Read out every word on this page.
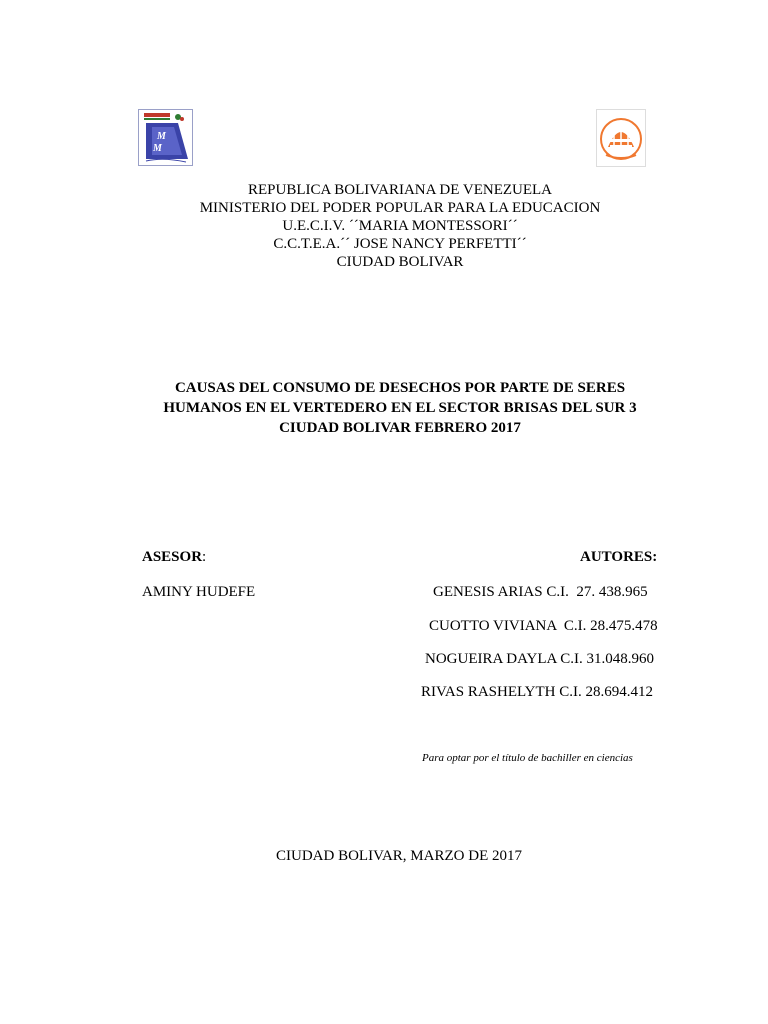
M
M
REPUBLICA BOLIVARIANA DE VENEZUELA
MINISTERIO DEL PODER POPULAR PARA LA EDUCACION
U.E.C.I.V. ´´MARIA MONTESSORI´´
C.C.T.E.A.´´ JOSE NANCY PERFETTI´´
CIUDAD BOLIVAR
CAUSAS DEL CONSUMO DE DESECHOS POR PARTE DE SERES
HUMANOS EN EL VERTEDERO EN EL SECTOR BRISAS DEL SUR 3
CIUDAD BOLIVAR FEBRERO 2017
ASESOR:
AMINY HUDEFE
AUTORES:
GENESIS ARIAS C.I.  27. 438.965
CUOTTO VIVIANA  C.I. 28.475.478
NOGUEIRA DAYLA C.I. 31.048.960
RIVAS RASHELYTH C.I. 28.694.412
Para optar por el título de bachiller en ciencias
CIUDAD BOLIVAR, MARZO DE 2017
